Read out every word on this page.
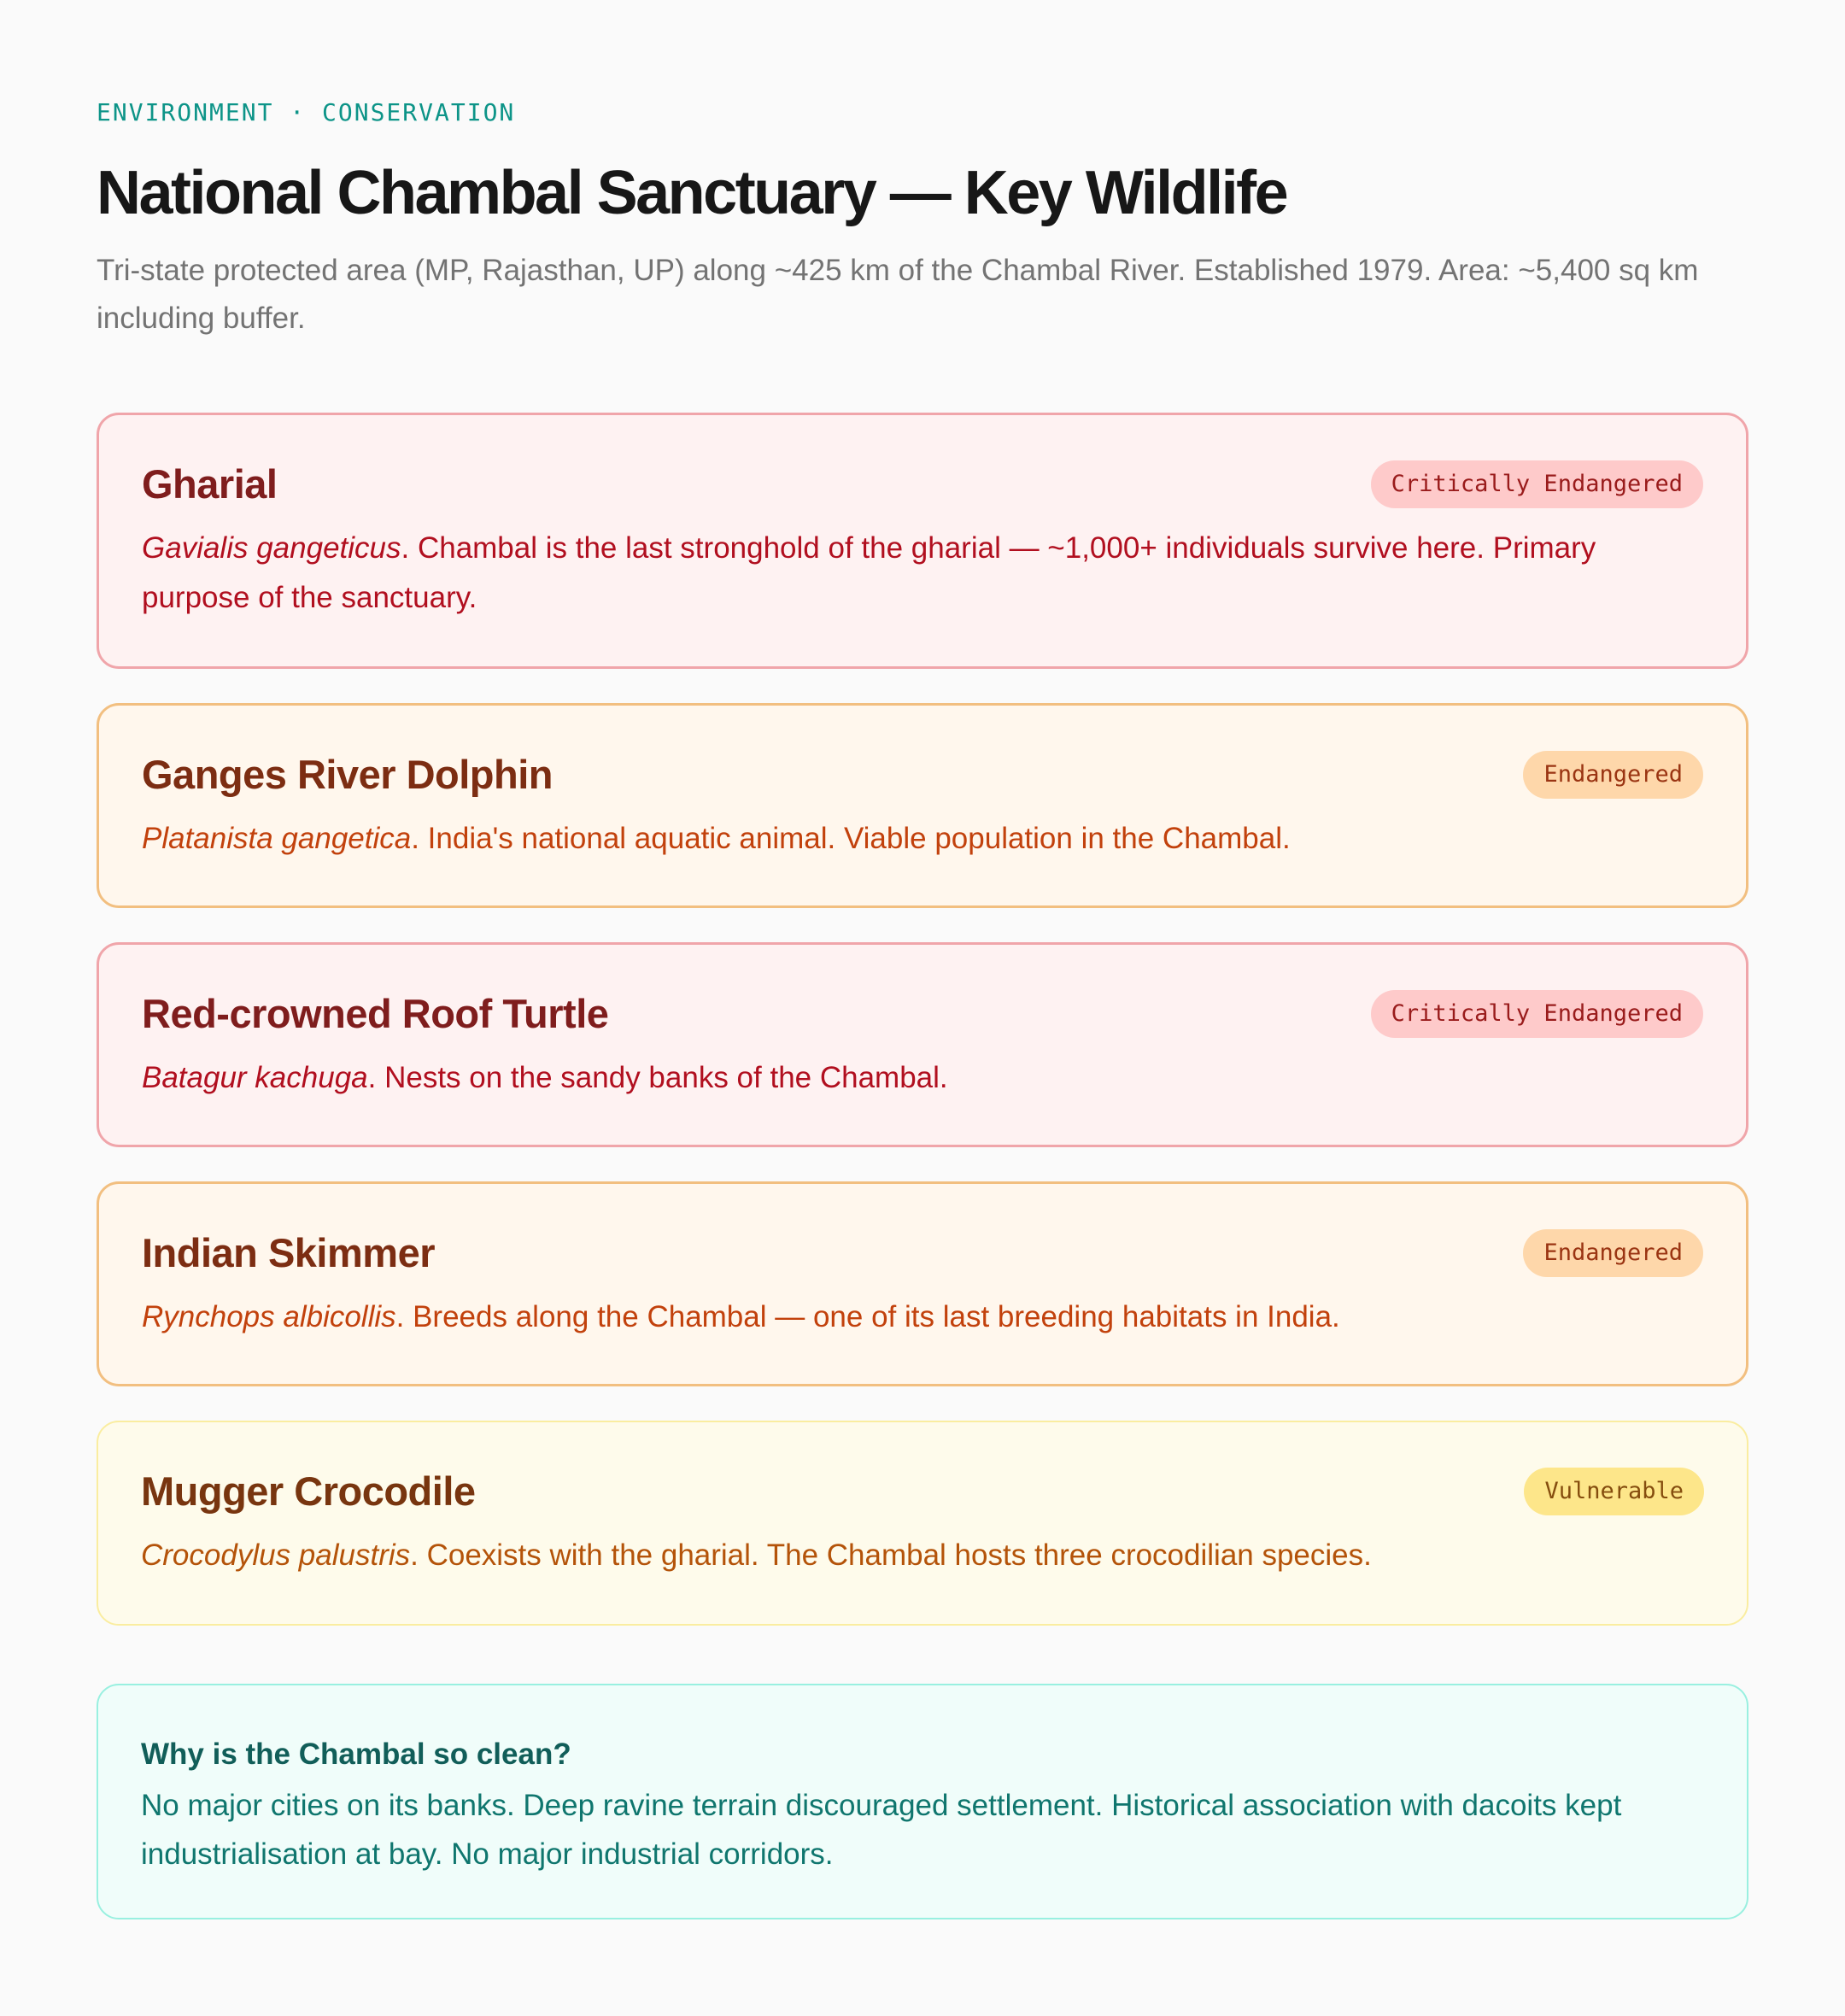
ENVIRONMENT · CONSERVATION
National Chambal Sanctuary — Key Wildlife

Tri-state protected area (MP, Rajasthan, UP) along ~425 km of the Chambal River. Established 1979. Area: ~5,400 sq km including buffer.

Gharial	Critically Endangered

Gavialis gangeticus. Chambal is the last stronghold of the gharial — ~1,000+ individuals survive here. Primary purpose of the sanctuary.

Ganges River Dolphin	Endangered

Platanista gangetica. India's national aquatic animal. Viable population in the Chambal.

Red-crowned Roof Turtle	Critically Endangered

Batagur kachuga. Nests on the sandy banks of the Chambal.

Indian Skimmer	Endangered

Rynchops albicollis. Breeds along the Chambal — one of its last breeding habitats in India.

Mugger Crocodile	Vulnerable

Crocodylus palustris. Coexists with the gharial. The Chambal hosts three crocodilian species.

Why is the Chambal so clean?

No major cities on its banks. Deep ravine terrain discouraged settlement. Historical association with dacoits kept industrialisation at bay. No major industrial corridors.
